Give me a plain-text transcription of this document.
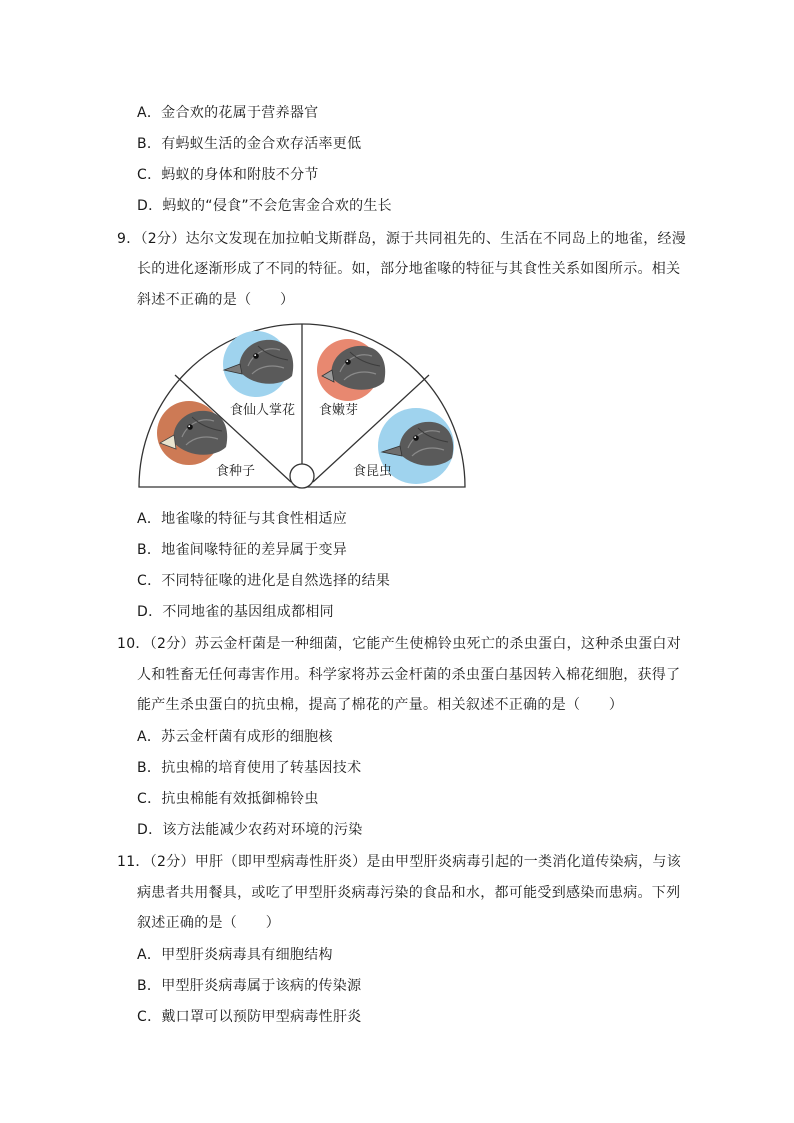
A．金合欢的花属于营养器官
B．有蚂蚁生活的金合欢存活率更低
C．蚂蚁的身体和附肢不分节
D．蚂蚁的“侵食”不会危害金合欢的生长
9．（2分）达尔文发现在加拉帕戈斯群岛，源于共同祖先的、生活在不同岛上的地雀，经漫
长的进化逐渐形成了不同的特征。如，部分地雀喙的特征与其食性关系如图所示。相关
斜述不正确的是（　　）
食种子
食仙人掌花 食嫩芽
食昆虫
A．地雀喙的特征与其食性相适应
B．地雀间喙特征的差异属于变异
C．不同特征喙的进化是自然选择的结果
D．不同地雀的基因组成都相同
10．（2分）苏云金杆菌是一种细菌，它能产生使棉铃虫死亡的杀虫蛋白，这种杀虫蛋白对
人和牲畜无任何毒害作用。科学家将苏云金杆菌的杀虫蛋白基因转入棉花细胞，获得了
能产生杀虫蛋白的抗虫棉，提高了棉花的产量。相关叙述不正确的是（　　）
A．苏云金杆菌有成形的细胞核
B．抗虫棉的培育使用了转基因技术
C．抗虫棉能有效抵御棉铃虫
D．该方法能减少农药对环境的污染
11．（2分）甲肝（即甲型病毒性肝炎）是由甲型肝炎病毒引起的一类消化道传染病，与该
病患者共用餐具，或吃了甲型肝炎病毒污染的食品和水，都可能受到感染而患病。下列
叙述正确的是（　　）
A．甲型肝炎病毒具有细胞结构
B．甲型肝炎病毒属于该病的传染源
C．戴口罩可以预防甲型病毒性肝炎
